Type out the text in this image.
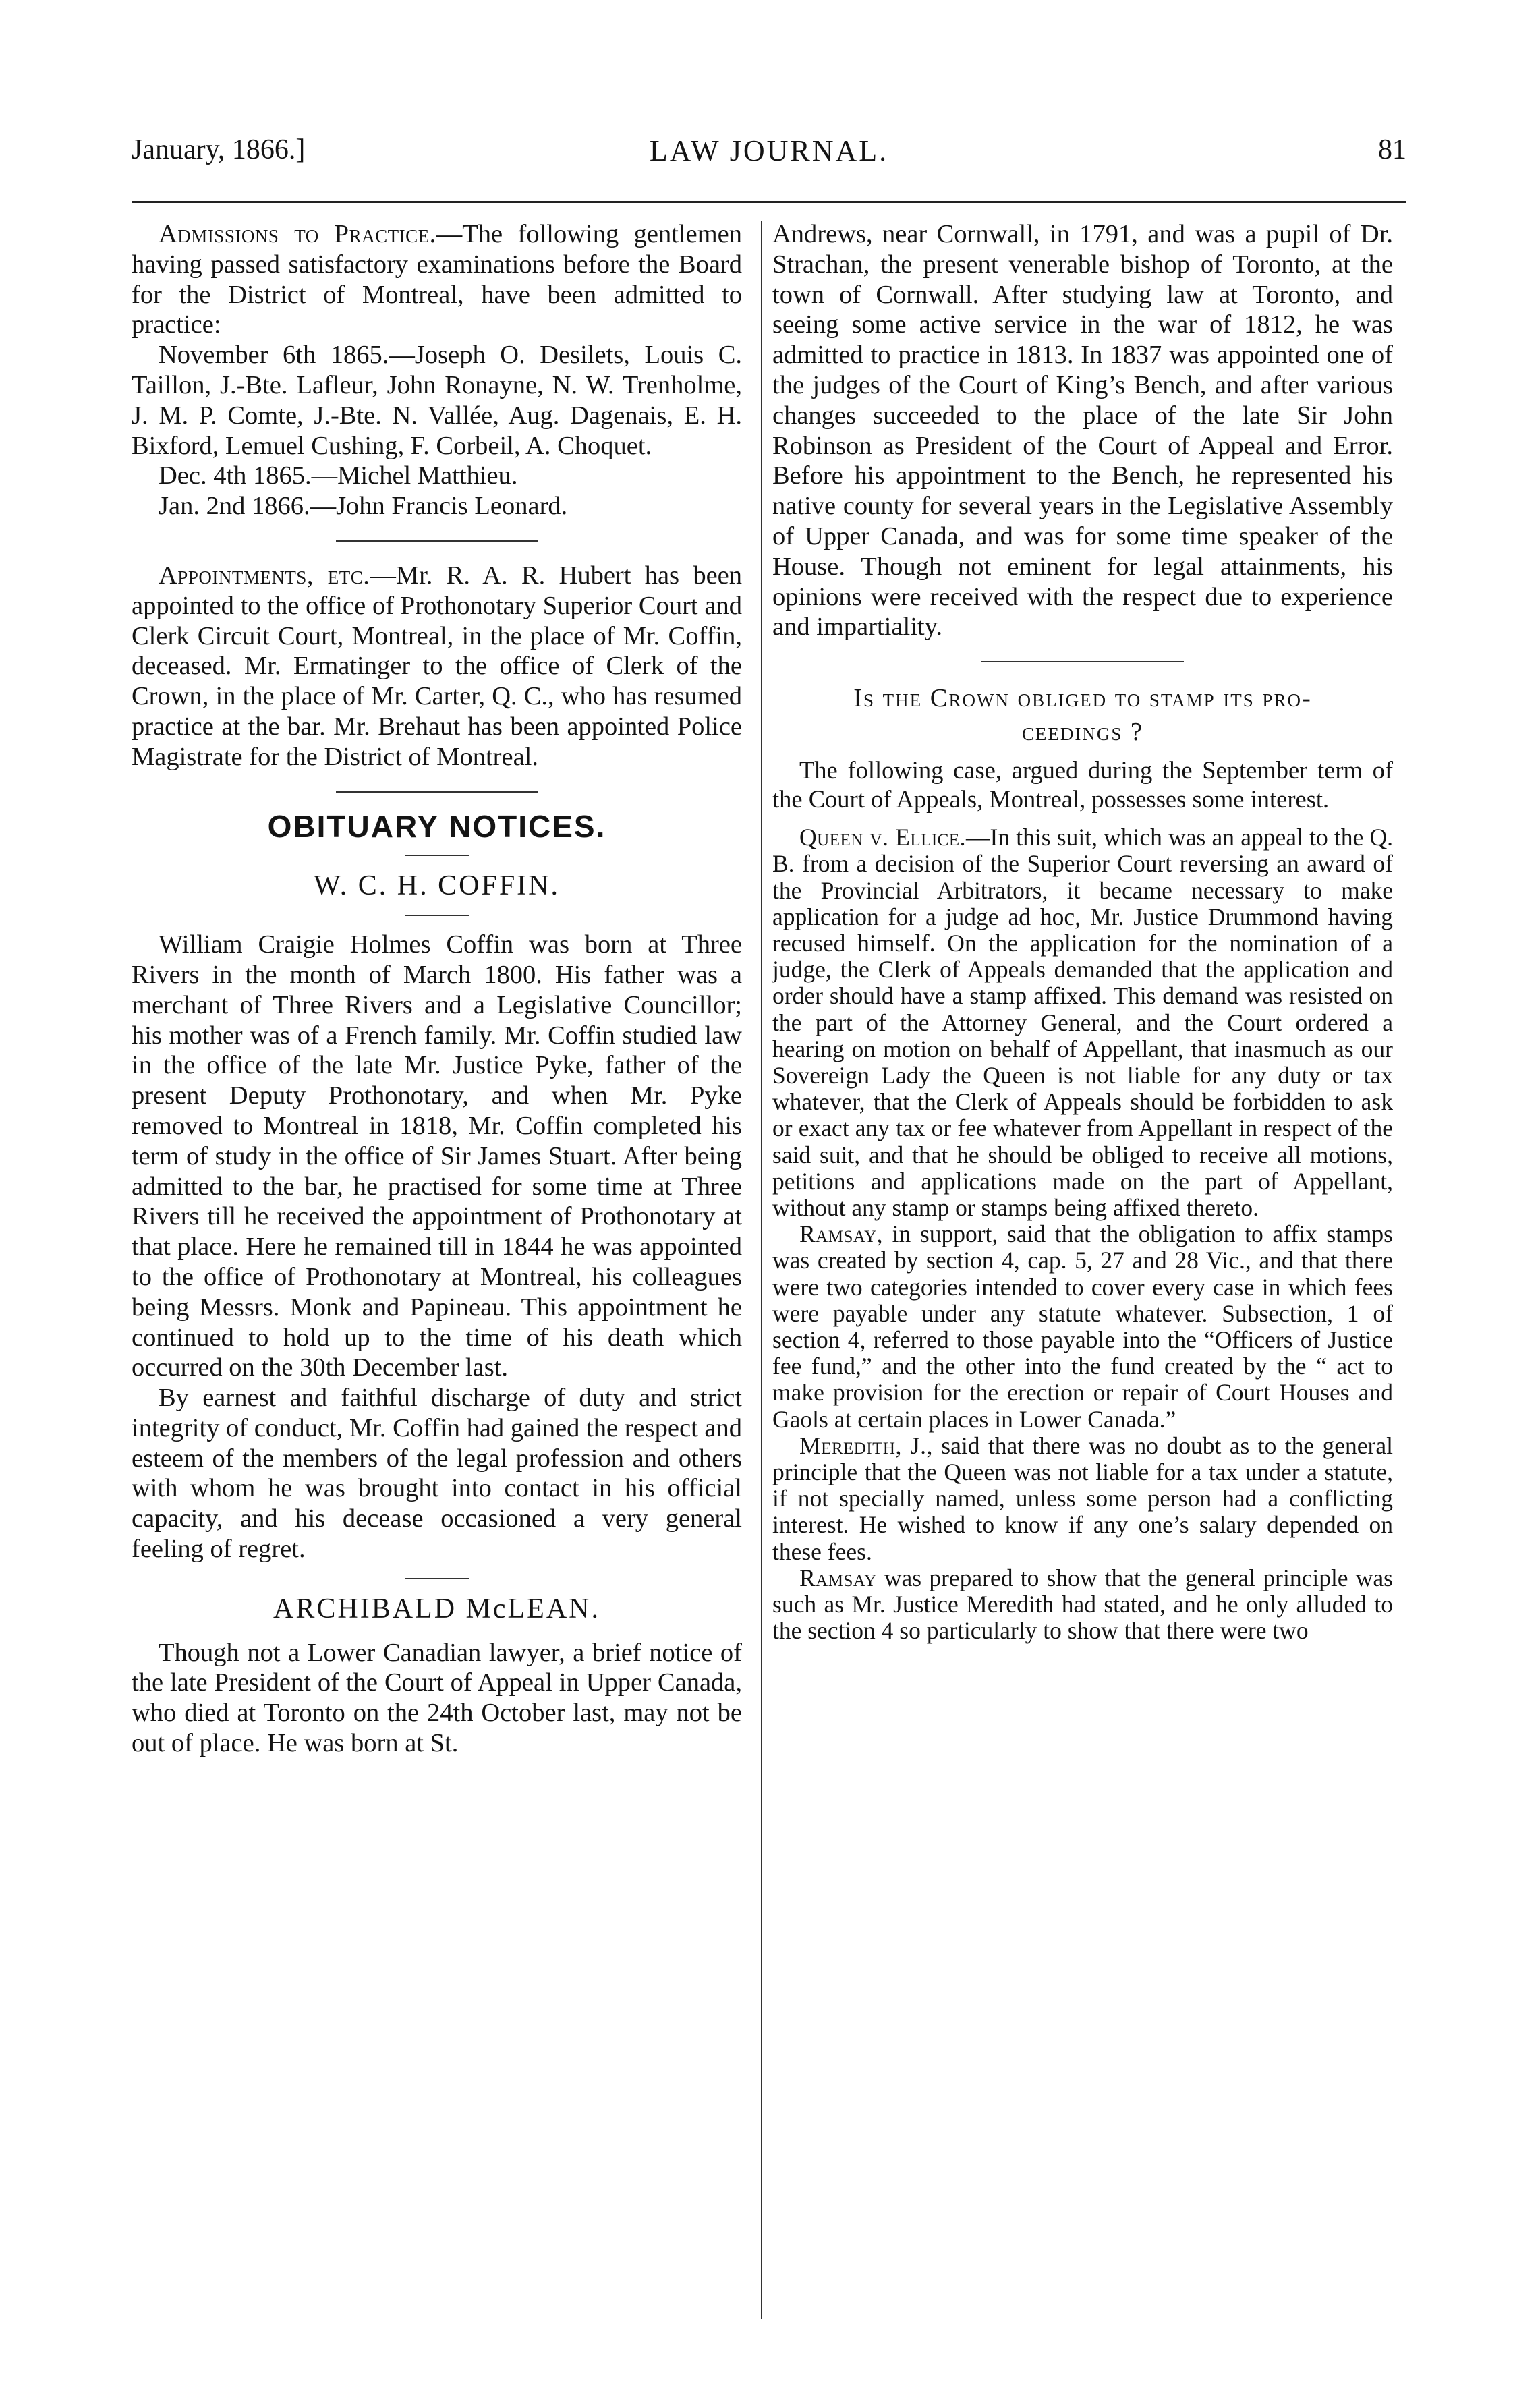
January, 1866.]	LAW JOURNAL.	81

Admissions to Practice.—The following gentlemen having passed satisfactory examinations before the Board for the District of Montreal, have been admitted to practice:

November 6th 1865.—Joseph O. Desilets, Louis C. Taillon, J.-Bte. Lafleur, John Ronayne, N. W. Trenholme, J. M. P. Comte, J.-Bte. N. Vallée, Aug. Dagenais, E. H. Bixford, Lemuel Cushing, F. Corbeil, A. Choquet.

Dec. 4th 1865.—Michel Matthieu.

Jan. 2nd 1866.—John Francis Leonard.

Appointments, etc.—Mr. R. A. R. Hubert has been appointed to the office of Prothonotary Superior Court and Clerk Circuit Court, Montreal, in the place of Mr. Coffin, deceased. Mr. Ermatinger to the office of Clerk of the Crown, in the place of Mr. Carter, Q. C., who has resumed practice at the bar. Mr. Brehaut has been appointed Police Magistrate for the District of Montreal.

OBITUARY NOTICES.

W. C. H. COFFIN.

William Craigie Holmes Coffin was born at Three Rivers in the month of March 1800. His father was a merchant of Three Rivers and a Legislative Councillor; his mother was of a French family. Mr. Coffin studied law in the office of the late Mr. Justice Pyke, father of the present Deputy Prothonotary, and when Mr. Pyke removed to Montreal in 1818, Mr. Coffin completed his term of study in the office of Sir James Stuart. After being admitted to the bar, he practised for some time at Three Rivers till he received the appointment of Prothonotary at that place. Here he remained till in 1844 he was appointed to the office of Prothonotary at Montreal, his colleagues being Messrs. Monk and Papineau. This appointment he continued to hold up to the time of his death which occurred on the 30th December last.

By earnest and faithful discharge of duty and strict integrity of conduct, Mr. Coffin had gained the respect and esteem of the members of the legal profession and others with whom he was brought into contact in his official capacity, and his decease occasioned a very general feeling of regret.

ARCHIBALD McLEAN.

Though not a Lower Canadian lawyer, a brief notice of the late President of the Court of Appeal in Upper Canada, who died at Toronto on the 24th October last, may not be out of place. He was born at St.

Andrews, near Cornwall, in 1791, and was a pupil of Dr. Strachan, the present venerable bishop of Toronto, at the town of Cornwall. After studying law at Toronto, and seeing some active service in the war of 1812, he was admitted to practice in 1813. In 1837 was appointed one of the judges of the Court of King’s Bench, and after various changes succeeded to the place of the late Sir John Robinson as President of the Court of Appeal and Error. Before his appointment to the Bench, he represented his native county for several years in the Legislative Assembly of Upper Canada, and was for some time speaker of the House. Though not eminent for legal attainments, his opinions were received with the respect due to experience and impartiality.

Is the Crown obliged to stamp its pro-
ceedings ?

The following case, argued during the September term of the Court of Appeals, Montreal, possesses some interest.

Queen v. Ellice.—In this suit, which was an appeal to the Q. B. from a decision of the Superior Court reversing an award of the Provincial Arbitrators, it became necessary to make application for a judge ad hoc, Mr. Justice Drummond having recused himself. On the application for the nomination of a judge, the Clerk of Appeals demanded that the application and order should have a stamp affixed. This demand was resisted on the part of the Attorney General, and the Court ordered a hearing on motion on behalf of Appellant, that inasmuch as our Sovereign Lady the Queen is not liable for any duty or tax whatever, that the Clerk of Appeals should be forbidden to ask or exact any tax or fee whatever from Appellant in respect of the said suit, and that he should be obliged to receive all motions, petitions and applications made on the part of Appellant, without any stamp or stamps being affixed thereto.

Ramsay, in support, said that the obligation to affix stamps was created by section 4, cap. 5, 27 and 28 Vic., and that there were two categories intended to cover every case in which fees were payable under any statute whatever. Subsection, 1 of section 4, referred to those payable into the “Officers of Justice fee fund,” and the other into the fund created by the “ act to make provision for the erection or repair of Court Houses and Gaols at certain places in Lower Canada.”

Meredith, J., said that there was no doubt as to the general principle that the Queen was not liable for a tax under a statute, if not specially named, unless some person had a conflicting interest. He wished to know if any one’s salary depended on these fees.

Ramsay was prepared to show that the general principle was such as Mr. Justice Meredith had stated, and he only alluded to the section 4 so particularly to show that there were two
